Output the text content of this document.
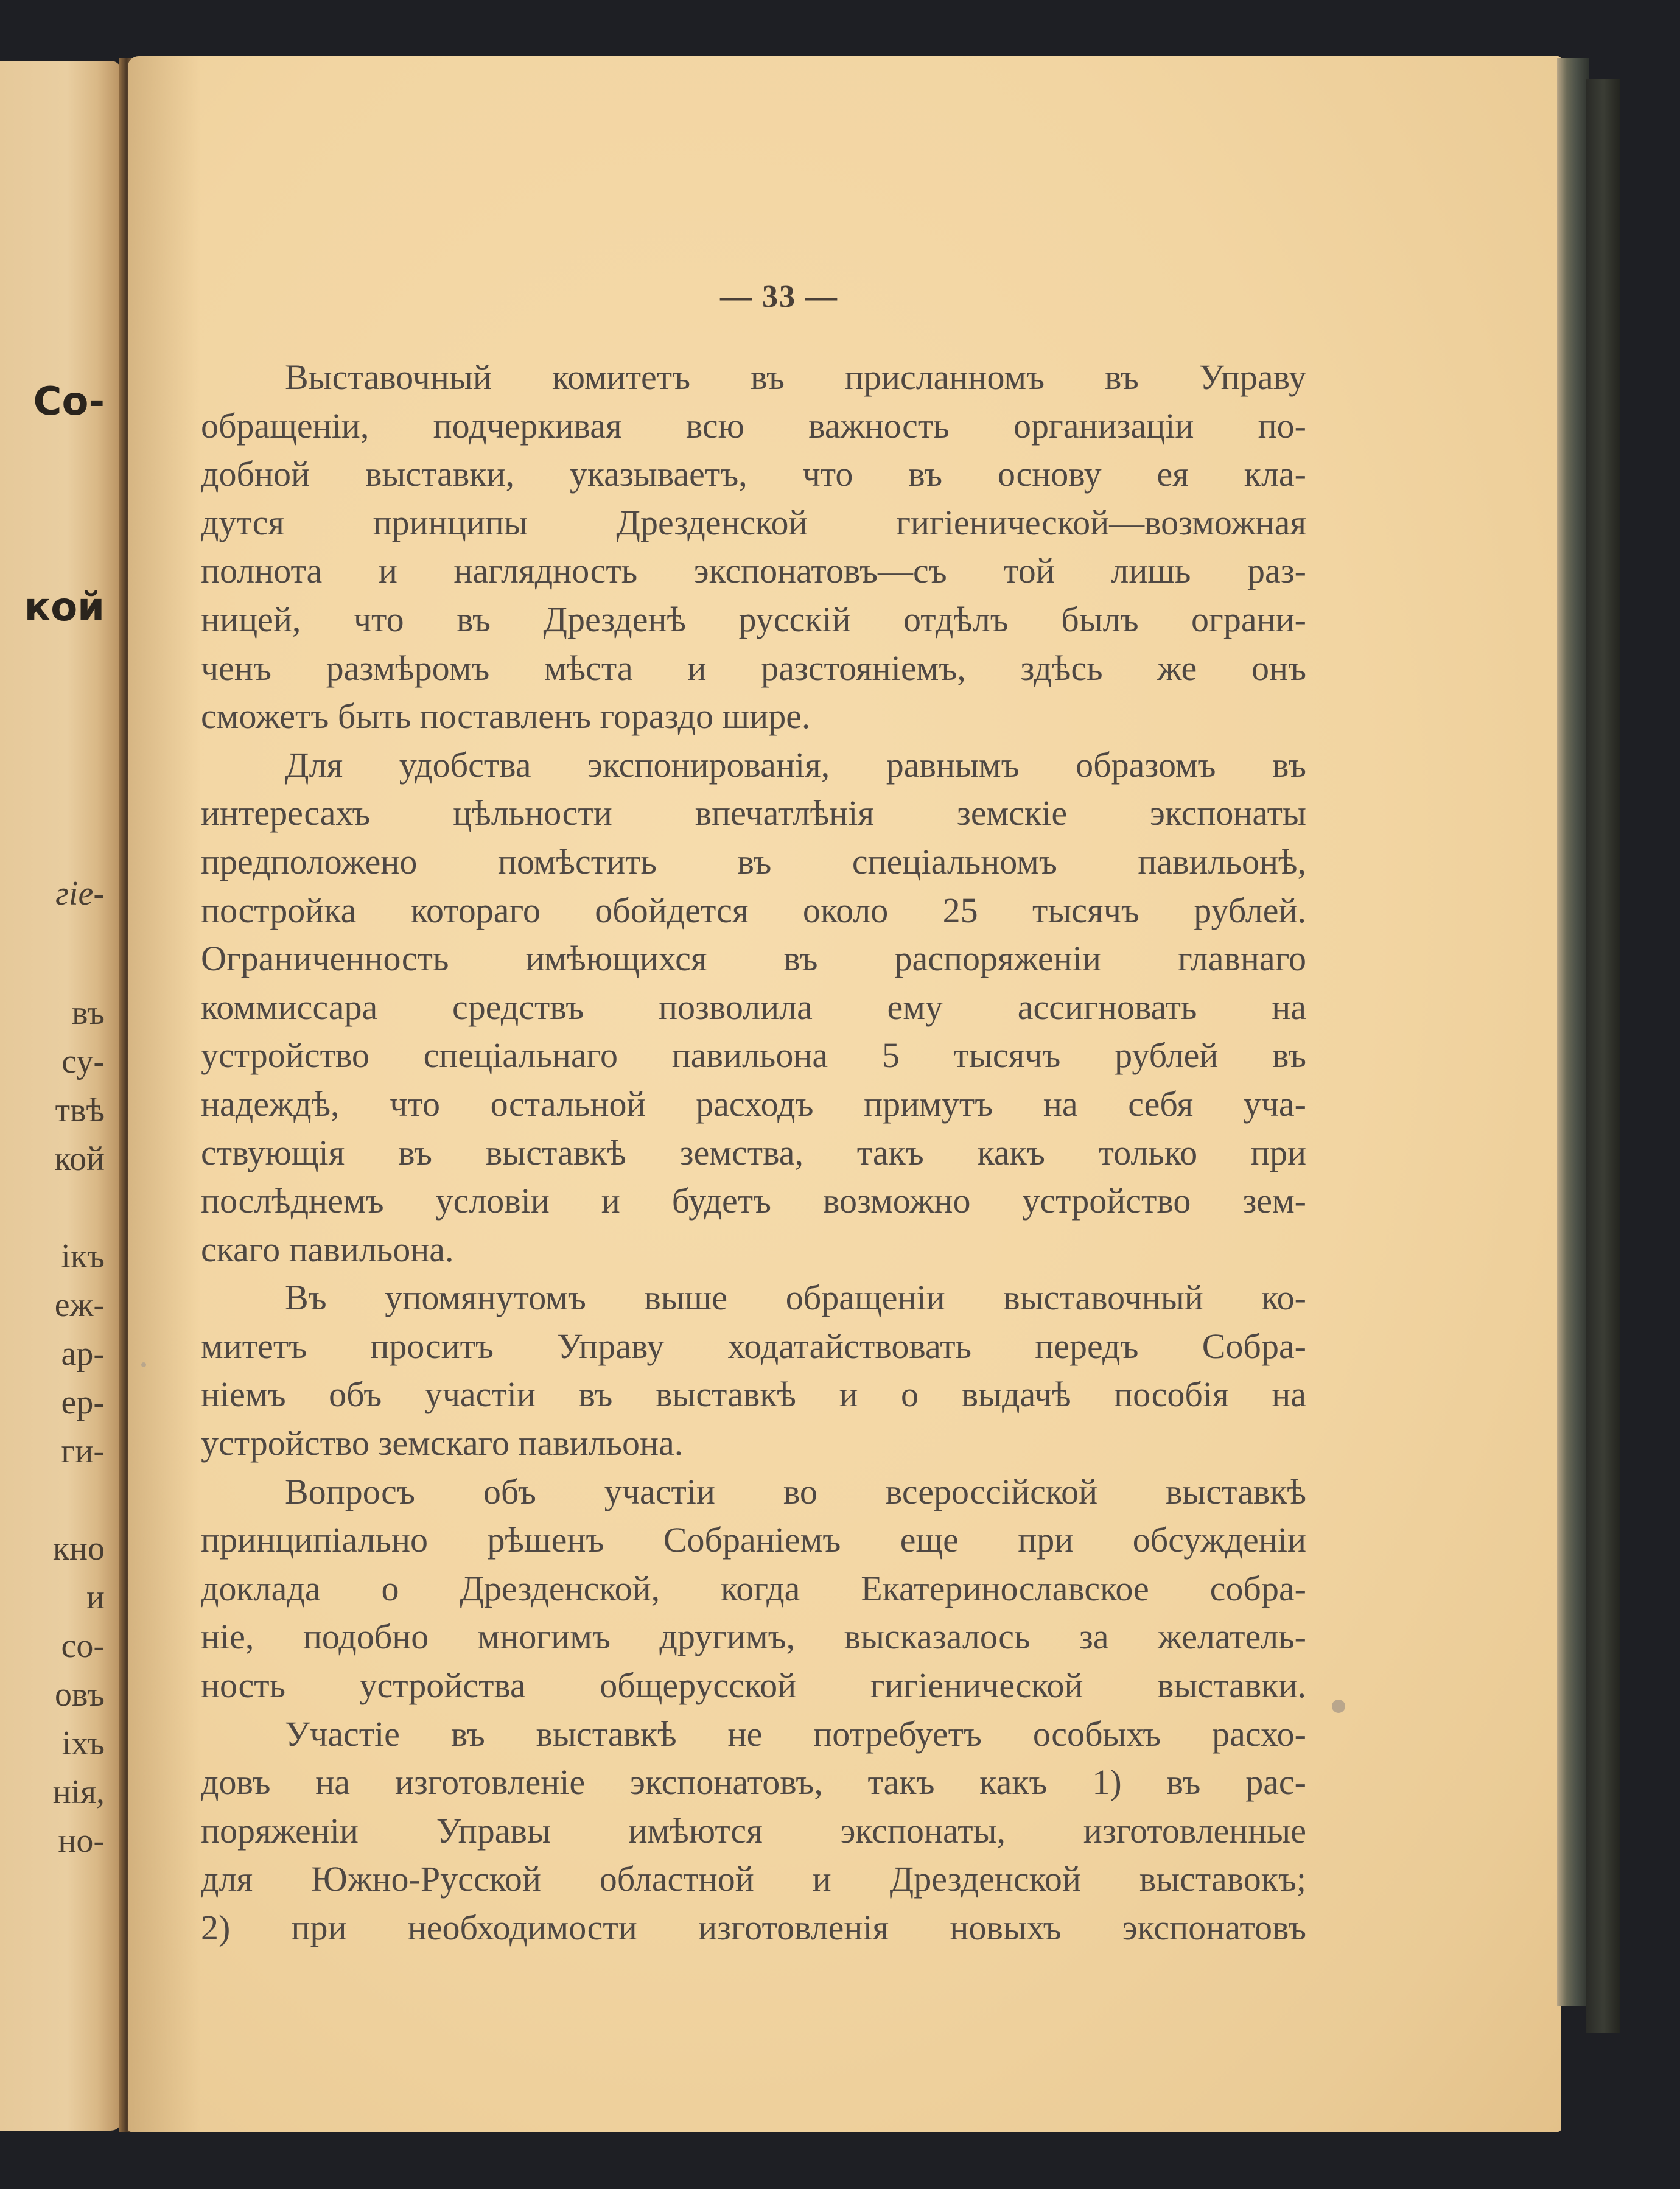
Со-
кой
гіе-
въ
су-
твѣ
кой
ікъ
еж-
ар-
ер-
ги-
кно
и
со-
овъ
іхъ
нія,
но-
— 33 —
Выставочный комитетъ въ присланномъ въ Управу
обращеніи, подчеркивая всю важность организаціи по-
добной выставки, указываетъ, что въ основу ея кла-
дутся принципы Дрезденской гигіенической—возможная
полнота и наглядность экспонатовъ—съ той лишь раз-
ницей, что въ Дрезденѣ русскій отдѣлъ былъ ограни-
ченъ размѣромъ мѣста и разстояніемъ, здѣсь же онъ
сможетъ быть поставленъ гораздо шире.
Для удобства экспонированія, равнымъ образомъ въ
интересахъ цѣльности впечатлѣнія земскіе экспонаты
предположено помѣстить въ спеціальномъ павильонѣ,
постройка котораго обойдется около 25 тысячъ рублей.
Ограниченность имѣющихся въ распоряженіи главнаго
коммиссара средствъ позволила ему ассигновать на
устройство спеціальнаго павильона 5 тысячъ рублей въ
надеждѣ, что остальной расходъ примутъ на себя уча-
ствующія въ выставкѣ земства, такъ какъ только при
послѣднемъ условіи и будетъ возможно устройство зем-
скаго павильона.
Въ упомянутомъ выше обращеніи выставочный ко-
митетъ проситъ Управу ходатайствовать передъ Собра-
ніемъ объ участіи въ выставкѣ и о выдачѣ пособія на
устройство земскаго павильона.
Вопросъ объ участіи во всероссійской выставкѣ
принципіально рѣшенъ Собраніемъ еще при обсужденіи
доклада о Дрезденской, когда Екатеринославское собра-
ніе, подобно многимъ другимъ, высказалось за желатель-
ность устройства общерусской гигіенической выставки.
Участіе въ выставкѣ не потребуетъ особыхъ расхо-
довъ на изготовленіе экспонатовъ, такъ какъ 1) въ рас-
поряженіи Управы имѣются экспонаты, изготовленные
для Южно-Русской областной и Дрезденской выставокъ;
2) при необходимости изготовленія новыхъ экспонатовъ
